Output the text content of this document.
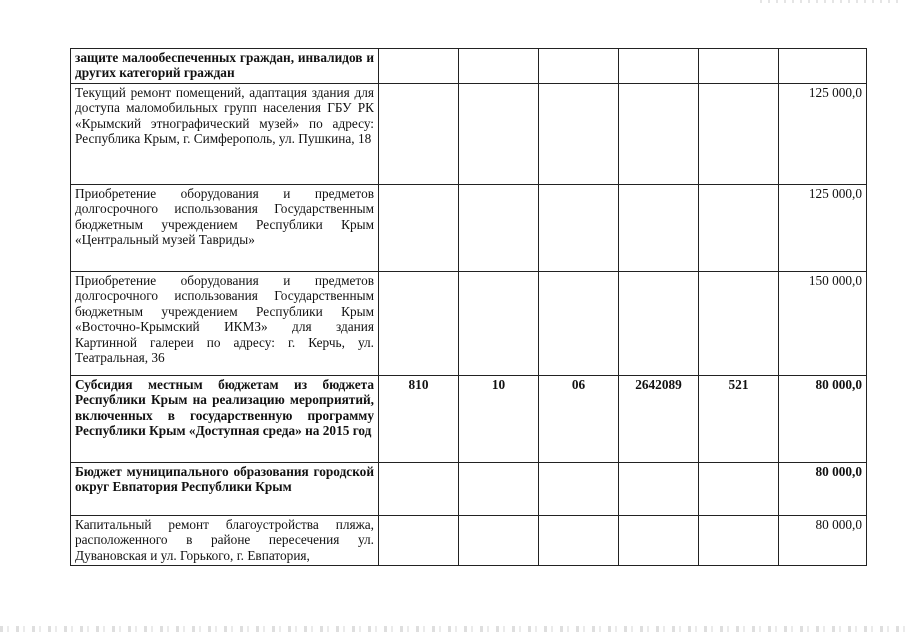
защите малообеспеченных граждан, инвалидов и других категорий граждан						
Текущий ремонт помещений, адаптация здания для доступа маломобильных групп населения ГБУ РК «Крымский этнографический музей» по адресу: Республика Крым, г. Симферополь, ул. Пушкина, 18						125 000,0
Приобретение оборудования и предметов долгосрочного использования Государственным бюджетным учреждением Республики Крым «Центральный музей Тавриды»						125 000,0
Приобретение оборудования и предметов долгосрочного использования Государственным бюджетным учреждением Республики Крым «Восточно-Крымский ИКМЗ» для здания Картинной галереи по адресу: г. Керчь, ул. Театральная, 36						150 000,0
Субсидия местным бюджетам из бюджета Республики Крым на реализацию мероприятий, включенных в государственную программу Республики Крым «Доступная среда» на 2015 год	810	10	06	2642089	521	80 000,0
Бюджет муниципального образования городской округ Евпатория Республики Крым						80 000,0
Капитальный ремонт благоустройства пляжа, расположенного в районе пересечения ул. Дувановская и ул. Горького, г. Евпатория,						80 000,0
